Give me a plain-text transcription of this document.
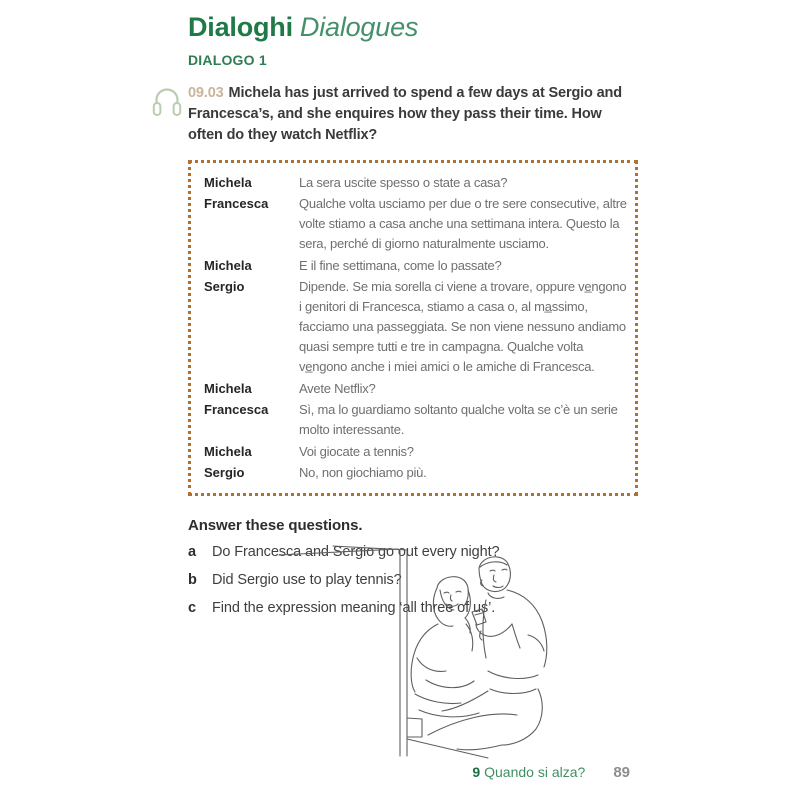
Dialoghi Dialogues
DIALOGO 1

09.03 Michela has just arrived to spend a few days at Sergio and Francesca’s, and she enquires how they pass their time. How often do they watch Netflix?

Michela	La sera uscite spesso o state a casa?
Francesca	Qualche volta usciamo per due o tre sere consecutive, altre volte stiamo a casa anche una settimana intera. Questo la sera, perché di giorno naturalmente usciamo.
Michela	E il fine settimana, come lo passate?
Sergio	Dipende. Se mia sorella ci viene a trovare, oppure ve̲ngono i genitori di Francesca, stiamo a casa o, al ma̲ssimo, facciamo una passeggiata. Se non viene nessuno andiamo quasi sempre tutti e tre in campagna. Qualche volta ve̲ngono anche i miei amici o le amiche di Francesca.
Michela	Avete Netflix?
Francesca	Sì, ma lo guardiamo soltanto qualche volta se c’è un serie molto interessante.
Michela	Voi giocate a tennis?
Sergio	No, non giochiamo più.
Answer these questions.
a	Do Francesca and Sergio go out every night?
b	Did Sergio use to play tennis?
c	Find the expression meaning ‘all three of us’.
9 Quando si alza? 89
